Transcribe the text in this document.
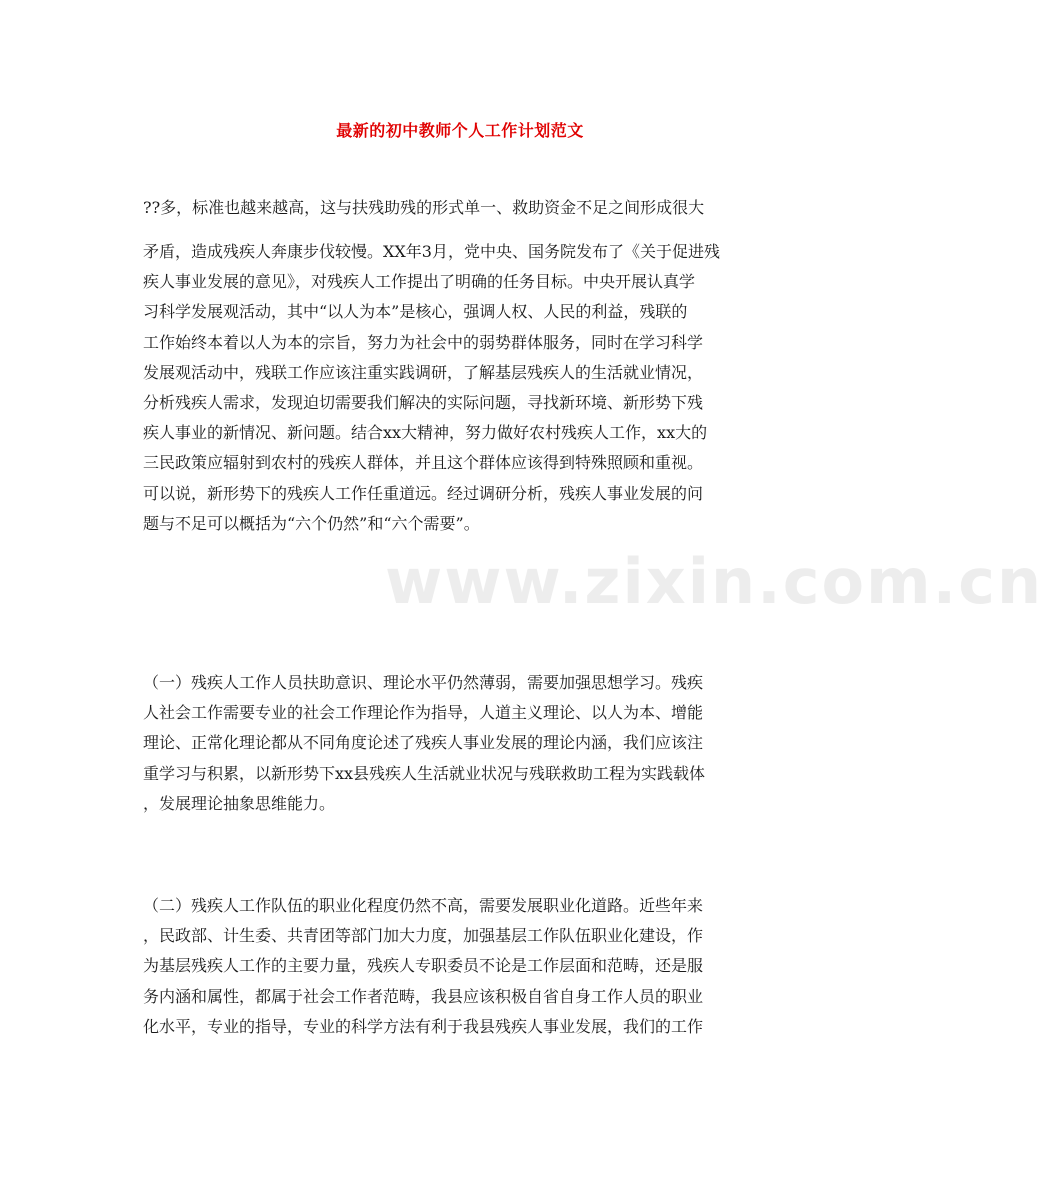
最新的初中教师个人工作计划范文
www.zixin.com.cn
??多，标准也越来越高，这与扶残助残的形式单一、救助资金不足之间形成很大
矛盾，造成残疾人奔康步伐较慢。XX年3月，党中央、国务院发布了《关于促进残
疾人事业发展的意见》，对残疾人工作提出了明确的任务目标。中央开展认真学
习科学发展观活动，其中“以人为本”是核心，强调人权、人民的利益，残联的
工作始终本着以人为本的宗旨，努力为社会中的弱势群体服务，同时在学习科学
发展观活动中，残联工作应该注重实践调研，了解基层残疾人的生活就业情况，
分析残疾人需求，发现迫切需要我们解决的实际问题，寻找新环境、新形势下残
疾人事业的新情况、新问题。结合xx大精神，努力做好农村残疾人工作，xx大的
三民政策应辐射到农村的残疾人群体，并且这个群体应该得到特殊照顾和重视。
可以说，新形势下的残疾人工作任重道远。经过调研分析，残疾人事业发展的问
题与不足可以概括为“六个仍然”和“六个需要”。
（一）残疾人工作人员扶助意识、理论水平仍然薄弱，需要加强思想学习。残疾
人社会工作需要专业的社会工作理论作为指导，人道主义理论、以人为本、增能
理论、正常化理论都从不同角度论述了残疾人事业发展的理论内涵，我们应该注
重学习与积累，以新形势下xx县残疾人生活就业状况与残联救助工程为实践载体
，发展理论抽象思维能力。
（二）残疾人工作队伍的职业化程度仍然不高，需要发展职业化道路。近些年来
，民政部、计生委、共青团等部门加大力度，加强基层工作队伍职业化建设，作
为基层残疾人工作的主要力量，残疾人专职委员不论是工作层面和范畴，还是服
务内涵和属性，都属于社会工作者范畴，我县应该积极自省自身工作人员的职业
化水平，专业的指导，专业的科学方法有利于我县残疾人事业发展，我们的工作
